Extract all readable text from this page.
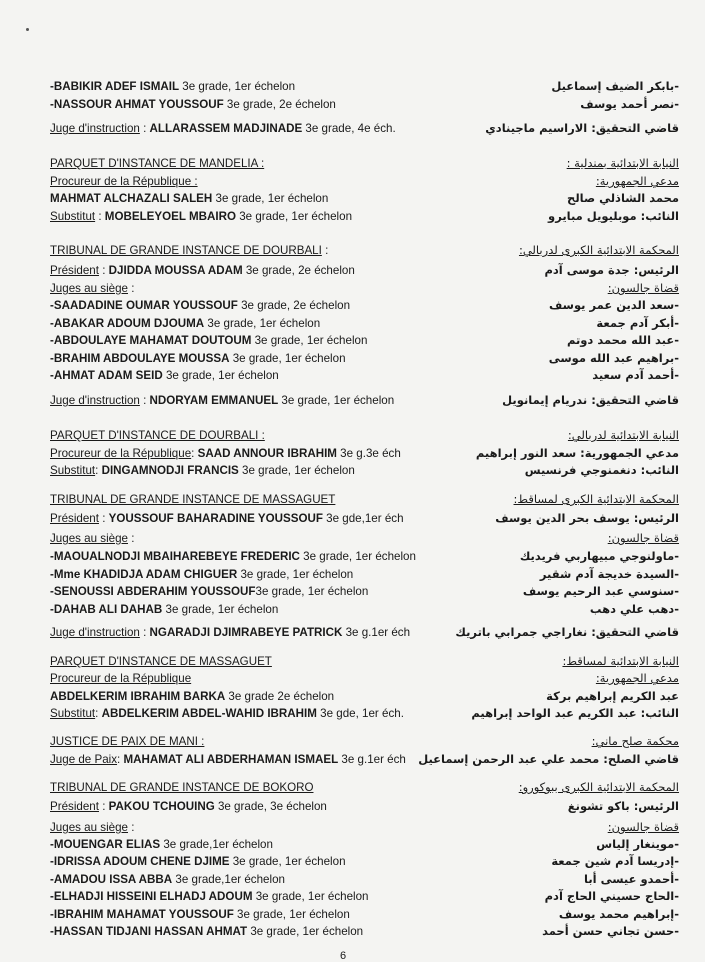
-BABIKIR ADEF ISMAIL 3e grade, 1er échelon	-بابكر الضيف إسماعيل
-NASSOUR AHMAT YOUSSOUF 3e grade, 2e échelon	-نصر أحمد يوسف
Juge d'instruction : ALLARASSEM MADJINADE 3e grade, 4e éch.	قاضي التحقيق: الاراسيم ماجينادي
PARQUET D'INSTANCE DE MANDELIA :	النيابة الابتدائية بمندلية :
Procureur de la République :	مدعي الجمهورية:
MAHMAT ALCHAZALI SALEH 3e grade, 1er échelon	محمد الشاذلي صالح
Substitut : MOBELEYOEL MBAIRO 3e grade, 1er échelon	النائب: موبليويل مبايرو
TRIBUNAL DE GRANDE INSTANCE DE DOURBALI :	المحكمة الابتدائية الكبرى لدربالي:
Président : DJIDDA MOUSSA ADAM 3e grade, 2e échelon	الرئيس: جدة موسى آدم
Juges au siège :	قضاة جالسون:
-SAADADINE OUMAR YOUSSOUF 3e grade, 2e échelon	-سعد الدين عمر يوسف
-ABAKAR ADOUM DJOUMA 3e grade, 1er échelon	-أبكر آدم جمعة
-ABDOULAYE MAHAMAT DOUTOUM 3e grade, 1er échelon	-عبد الله محمد دوتم
-BRAHIM ABDOULAYE MOUSSA 3e grade, 1er échelon	-براهيم عبد الله موسى
-AHMAT ADAM SEID 3e grade, 1er échelon	-أحمد آدم سعيد
Juge d'instruction : NDORYAM EMMANUEL 3e grade, 1er échelon	قاضي التحقيق: ندريام إيمانويل
PARQUET D'INSTANCE DE DOURBALI :	النيابة الابتدائية لدربالي:
Procureur de la République: SAAD ANNOUR IBRAHIM 3e g.3e éch	مدعي الجمهورية: سعد النور إبراهيم
Substitut: DINGAMNODJI FRANCIS 3e grade, 1er échelon	النائب: دنغمنوجي فرنسيس
TRIBUNAL DE GRANDE INSTANCE DE MASSAGUET	المحكمة الابتدائية الكبرى لمساقط:
Président : YOUSSOUF BAHARADINE YOUSSOUF 3e gde,1er éch	الرئيس: يوسف بحر الدين يوسف
Juges au siège :	قضاة جالسون:
-MAOUALNODJI MBAIHAREBEYE FREDERIC 3e grade, 1er échelon	-ماولنوجي مبيهاربي فريديك
-Mme KHADIDJA ADAM CHIGUER 3e grade, 1er échelon	-السيدة خديجة آدم شقير
-SENOUSSI ABDERAHIM YOUSSOUF3e grade, 1er échelon	-سنوسي عبد الرحيم يوسف
-DAHAB ALI DAHAB 3e grade, 1er échelon	-دهب علي دهب
Juge d'instruction : NGARADJI DJIMRABEYE PATRICK 3e g.1er éch	قاضي التحقيق: نغاراجي جمرابي باتريك
PARQUET D'INSTANCE DE MASSAGUET	النيابة الابتدائية لمساقط:
Procureur de la République	مدعي الجمهورية:
ABDELKERIM IBRAHIM BARKA 3e grade 2e échelon	عبد الكريم إبراهيم بركة
Substitut: ABDELKERIM ABDEL-WAHID IBRAHIM 3e gde, 1er éch.	النائب: عبد الكريم عبد الواحد إبراهيم
JUSTICE DE PAIX DE MANI :	محكمة صلح ماني:
Juge de Paix: MAHAMAT ALI ABDERHAMAN ISMAEL 3e g.1er éch	قاضي الصلح: محمد علي عبد الرحمن إسماعيل
TRIBUNAL DE GRANDE INSTANCE DE BOKORO	المحكمة الابتدائية الكبرى ببوكورو:
Président : PAKOU TCHOUING 3e grade, 3e échelon	الرئيس: باكو تشونغ
Juges au siège :	قضاة جالسون:
-MOUENGAR ELIAS 3e grade,1er échelon	-موينغار إلياس
-IDRISSA ADOUM CHENE DJIME 3e grade, 1er échelon	-إدريسا آدم شين جمعة
-AMADOU ISSA ABBA 3e grade,1er échelon	-أحمدو عيسى أبا
-ELHADJI HISSEINI ELHADJ ADOUM 3e grade, 1er échelon	-الحاج حسيني الحاج آدم
-IBRAHIM MAHAMAT YOUSSOUF 3e grade, 1er échelon	-إبراهيم محمد يوسف
-HASSAN TIDJANI HASSAN AHMAT 3e grade, 1er échelon	-حسن تجاني حسن أحمد
6
